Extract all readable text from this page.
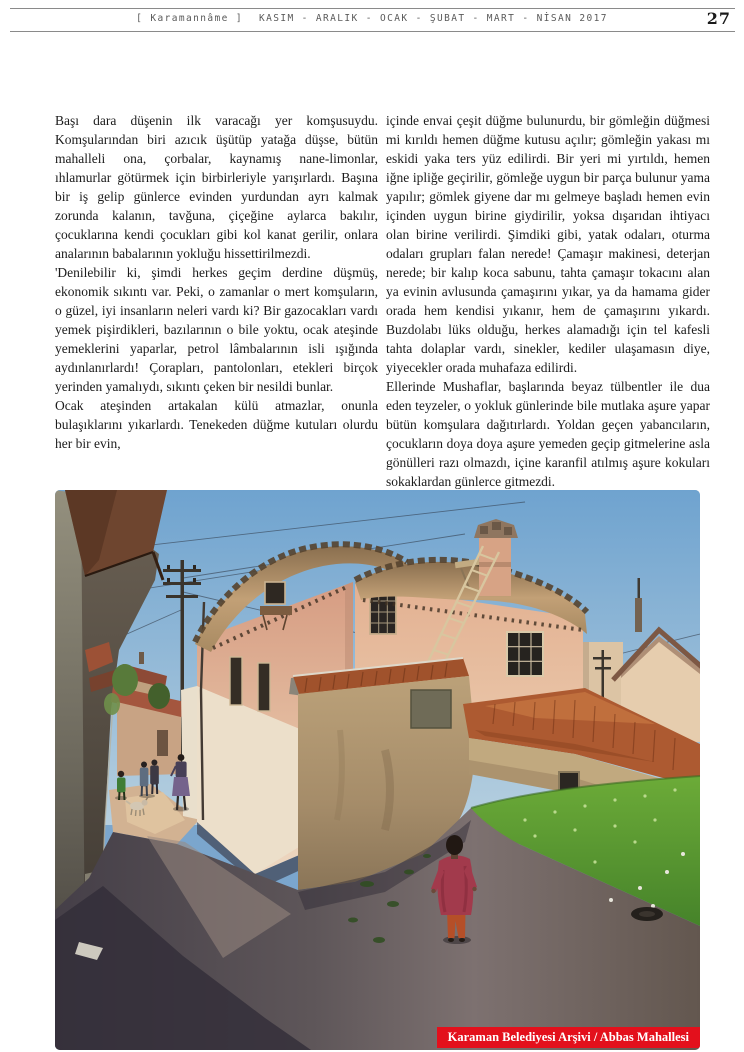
[ Karamannâme ] KASIM - ARALIK - OCAK - ŞUBAT - MART - NİSAN 2017	27

Başı dara düşenin ilk varacağı yer komşusuydu. Komşularından biri azıcık üşütüp yatağa düşse, bütün mahalleli ona, çorbalar, kaynamış nane-limonlar, ıhlamurlar götürmek için birbirleriyle yarışırlardı. Başına bir iş gelip günlerce evinden yurdundan ayrı kalmak zorunda kalanın, tavğuna, çiçeğine aylarca bakılır, çocuklarına kendi çocukları gibi kol kanat gerilir, onlara analarının babalarının yokluğu hissettirilmezdi.

'Denilebilir ki, şimdi herkes geçim derdine düşmüş, ekonomik sıkıntı var. Peki, o zamanlar o mert komşuların, o güzel, iyi insanların neleri vardı ki? Bir gazocakları vardı yemek pişirdikleri, bazılarının o bile yoktu, ocak ateşinde yemeklerini yaparlar, petrol lâmbalarının isli ışığında aydınlanırlardı! Çorapları, pantolonları, etekleri birçok yerinden yamalıydı, sıkıntı çeken bir nesildi bunlar.

Ocak ateşinden artakalan külü atmazlar, onunla bulaşıklarını yıkarlardı. Tenekeden düğme kutuları olurdu her bir evin,

içinde envai çeşit düğme bulunurdu, bir gömleğin düğmesi mi kırıldı hemen düğme kutusu açılır; gömleğin yakası mı eskidi yaka ters yüz edilirdi. Bir yeri mi yırtıldı, hemen iğne ipliğe geçirilir, gömleğe uygun bir parça bulunur yama yapılır; gömlek giyene dar mı gelmeye başladı hemen evin içinden uygun birine giydirilir, yoksa dışarıdan ihtiyacı olan birine verilirdi. Şimdiki gibi, yatak odaları, oturma odaları grupları falan nerede! Çamaşır makinesi, deterjan nerede; bir kalıp koca sabunu, tahta çamaşır tokacını alan ya evinin avlusunda çamaşırını yıkar, ya da hamama gider orada hem kendisi yıkanır, hem de çamaşırını yıkardı. Buzdolabı lüks olduğu, herkes alamadığı için tel kafesli tahta dolaplar vardı, sinekler, kediler ulaşamasın diye, yiyecekler orada muhafaza edilirdi.

Ellerinde Mushaflar, başlarında beyaz tülbentler ile dua eden teyzeler, o yokluk günlerinde bile mutlaka aşure yapar bütün komşulara dağıtırlardı. Yoldan geçen yabancıların, çocukların doya doya aşure yemeden geçip gitmelerine asla gönülleri razı olmazdı, içine karanfil atılmış aşure kokuları sokaklardan günlerce gitmezdi.

Karaman Belediyesi Arşivi / Abbas Mahallesi
